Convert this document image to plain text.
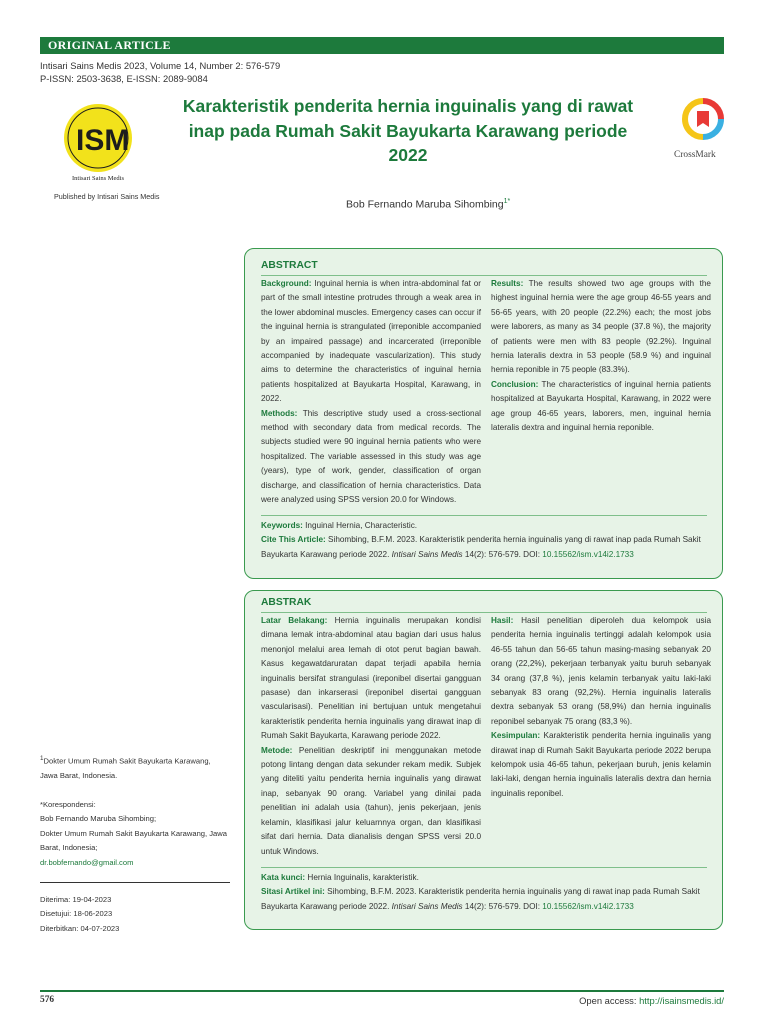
ORIGINAL ARTICLE
Intisari Sains Medis 2023, Volume 14, Number 2: 576-579
P-ISSN: 2503-3638, E-ISSN: 2089-9084
ISM
Intisari Sains Medis
Published by Intisari Sains Medis
Karakteristik penderita hernia inguinalis yang di rawat inap pada Rumah Sakit Bayukarta Karawang periode 2022	CrossMark
Bob Fernando Maruba Sihombing$^{1*}$
ABSTRACT

Background: Inguinal hernia is when intra-abdominal fat or part of the small intestine protrudes through a weak area in the lower abdominal muscles. Emergency cases can occur if the inguinal hernia is strangulated (irreponible accompanied by an impaired passage) and incarcerated (irreponible accompanied by inadequate vascularization). This study aims to determine the characteristics of inguinal hernia patients hospitalized at Bayukarta Hospital, Karawang, in 2022.

Methods: This descriptive study used a cross-sectional method with secondary data from medical records. The subjects studied were 90 inguinal hernia patients who were hospitalized. The variable assessed in this study was age (years), type of work, gender, classification of organ discharge, and classification of hernia characteristics. Data were analyzed using SPSS version 20.0 for Windows.

Results: The results showed two age groups with the highest inguinal hernia were the age group 46-55 years and 56-65 years, with 20 people (22.2%) each; the most jobs were laborers, as many as 34 people (37.8 %), the majority of patients were men with 83 people (92.2%). Inguinal hernia lateralis dextra in 53 people (58.9 %) and inguinal hernia reponible in 75 people (83.3%).

Conclusion: The characteristics of inguinal hernia patients hospitalized at Bayukarta Hospital, Karawang, in 2022 were age group 46-65 years, laborers, men, inguinal hernia lateralis dextra and inguinal hernia reponible.

Keywords: Inguinal Hernia, Characteristic.

Cite This Article: Sihombing, B.F.M. 2023. Karakteristik penderita hernia inguinalis yang di rawat inap pada Rumah Sakit Bayukarta Karawang periode 2022. Intisari Sains Medis 14(2): 576-579. DOI: 10.15562/ism.v14i2.1733

ABSTRAK

Latar Belakang: Hernia inguinalis merupakan kondisi dimana lemak intra-abdominal atau bagian dari usus halus menonjol melalui area lemah di otot perut bagian bawah. Kasus kegawatdaruratan dapat terjadi apabila hernia inguinalis bersifat strangulasi (ireponibel disertai gangguan pasase) dan inkarserasi (ireponibel disertai gangguan vascularisasi). Penelitian ini bertujuan untuk mengetahui karakteristik penderita hernia inguinalis yang dirawat inap di Rumah Sakit Bayukarta, Karawang periode 2022.

Metode: Penelitian deskriptif ini menggunakan metode potong lintang dengan data sekunder rekam medik. Subjek yang diteliti yaitu penderita hernia inguinalis yang dirawat inap, sebanyak 90 orang. Variabel yang dinilai pada penelitian ini adalah usia (tahun), jenis pekerjaan, jenis kelamin, klasifikasi jalur keluarnnya organ, dan klasifikasi sifat dari hernia. Data dianalisis dengan SPSS versi 20.0 untuk Windows.

Hasil: Hasil penelitian diperoleh dua kelompok usia penderita hernia inguinalis tertinggi adalah kelompok usia 46-55 tahun dan 56-65 tahun masing-masing sebanyak 20 orang (22,2%), pekerjaan terbanyak yaitu buruh sebanyak 34 orang (37,8 %), jenis kelamin terbanyak yaitu laki-laki sebanyak 83 orang (92,2%). Hernia inguinalis lateralis dextra sebanyak 53 orang (58,9%) dan hernia inguinalis reponibel sebanyak 75 orang (83,3 %).

Kesimpulan: Karakteristik penderita hernia inguinalis yang dirawat inap di Rumah Sakit Bayukarta periode 2022 berupa kelompok usia 46-65 tahun, pekerjaan buruh, jenis kelamin laki-laki, dengan hernia inguinalis lateralis dextra dan hernia inguinalis reponibel.

Kata kunci: Hernia Inguinalis, karakteristik.

Sitasi Artikel ini: Sihombing, B.F.M. 2023. Karakteristik penderita hernia inguinalis yang di rawat inap pada Rumah Sakit Bayukarta Karawang periode 2022. Intisari Sains Medis 14(2): 576-579. DOI: 10.15562/ism.v14i2.1733

$^1$Dokter Umum Rumah Sakit Bayukarta Karawang, Jawa Barat, Indonesia.
*Korespondensi:
Bob Fernando Maruba Sihombing;
Dokter Umum Rumah Sakit Bayukarta Karawang, Jawa Barat, Indonesia;
dr.bobfernando@gmail.com
Diterima: 19-04-2023
Disetujui: 18-06-2023
Diterbitkan: 04-07-2023
576	Open access: http://isainsmedis.id/
